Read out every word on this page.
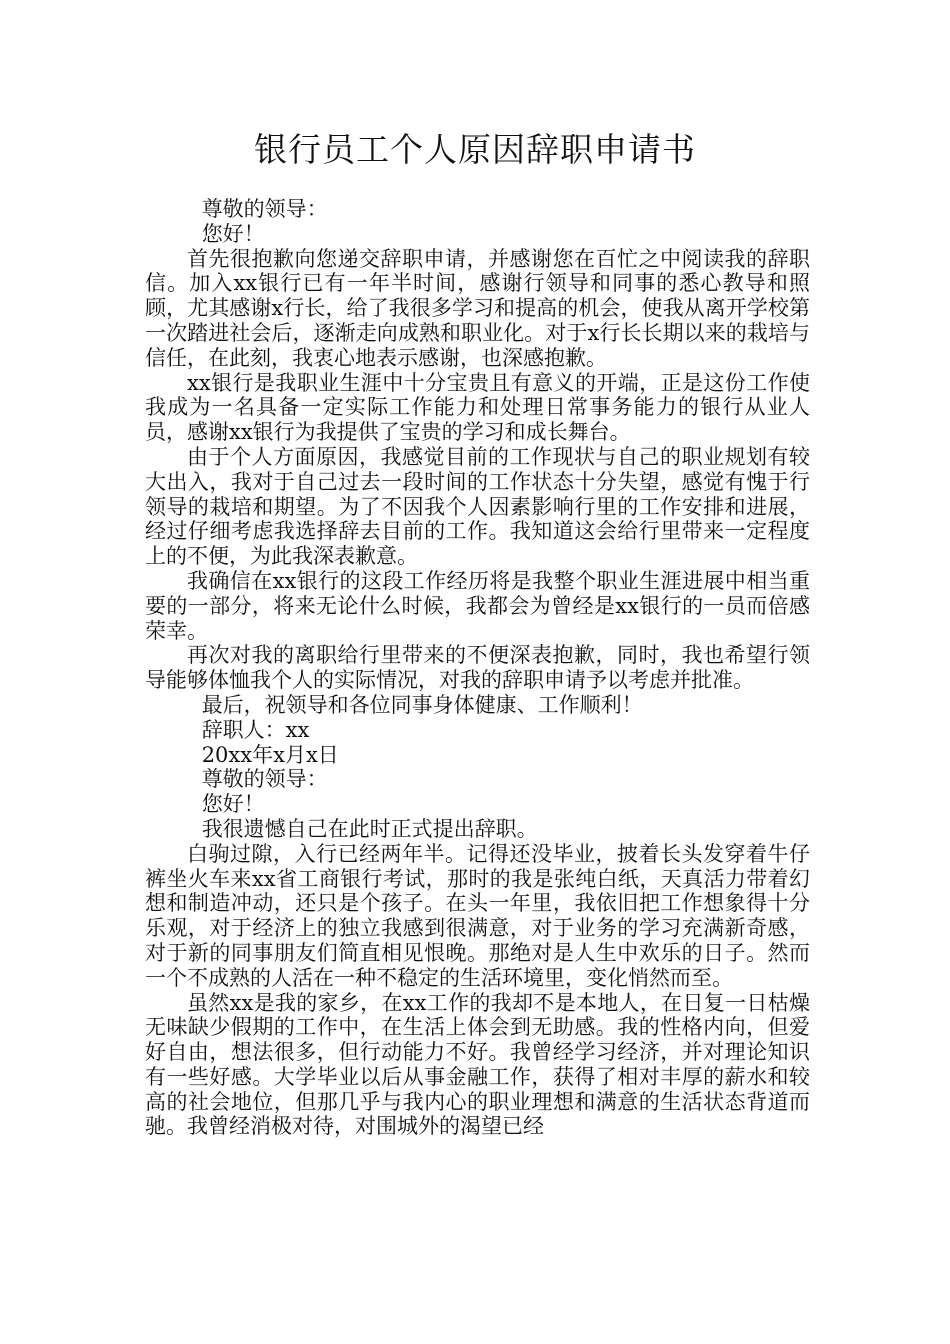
银行员工个人原因辞职申请书

尊敬的领导：

您好！

首先很抱歉向您递交辞职申请，并感谢您在百忙之中阅读我的辞职信。加入xx银行已有一年半时间，感谢行领导和同事的悉心教导和照顾，尤其感谢x行长，给了我很多学习和提高的机会，使我从离开学校第一次踏进社会后，逐渐走向成熟和职业化。对于x行长长期以来的栽培与信任，在此刻，我衷心地表示感谢，也深感抱歉。

xx银行是我职业生涯中十分宝贵且有意义的开端，正是这份工作使我成为一名具备一定实际工作能力和处理日常事务能力的银行从业人员，感谢xx银行为我提供了宝贵的学习和成长舞台。

由于个人方面原因，我感觉目前的工作现状与自己的职业规划有较大出入，我对于自己过去一段时间的工作状态十分失望，感觉有愧于行领导的栽培和期望。为了不因我个人因素影响行里的工作安排和进展，经过仔细考虑我选择辞去目前的工作。我知道这会给行里带来一定程度上的不便，为此我深表歉意。

我确信在xx银行的这段工作经历将是我整个职业生涯进展中相当重要的一部分，将来无论什么时候，我都会为曾经是xx银行的一员而倍感荣幸。

再次对我的离职给行里带来的不便深表抱歉，同时，我也希望行领导能够体恤我个人的实际情况，对我的辞职申请予以考虑并批准。

最后，祝领导和各位同事身体健康、工作顺利！

辞职人：xx

20xx年x月x日

尊敬的领导：

您好！

我很遗憾自己在此时正式提出辞职。

白驹过隙，入行已经两年半。记得还没毕业，披着长头发穿着牛仔裤坐火车来xx省工商银行考试，那时的我是张纯白纸，天真活力带着幻想和制造冲动，还只是个孩子。在头一年里，我依旧把工作想象得十分乐观，对于经济上的独立我感到很满意，对于业务的学习充满新奇感，对于新的同事朋友们简直相见恨晚。那绝对是人生中欢乐的日子。然而一个不成熟的人活在一种不稳定的生活环境里，变化悄然而至。

虽然xx是我的家乡，在xx工作的我却不是本地人，在日复一日枯燥无味缺少假期的工作中，在生活上体会到无助感。我的性格内向，但爱好自由，想法很多，但行动能力不好。我曾经学习经济，并对理论知识有一些好感。大学毕业以后从事金融工作，获得了相对丰厚的薪水和较高的社会地位，但那几乎与我内心的职业理想和满意的生活状态背道而驰。我曾经消极对待，对围城外的渴望已经
